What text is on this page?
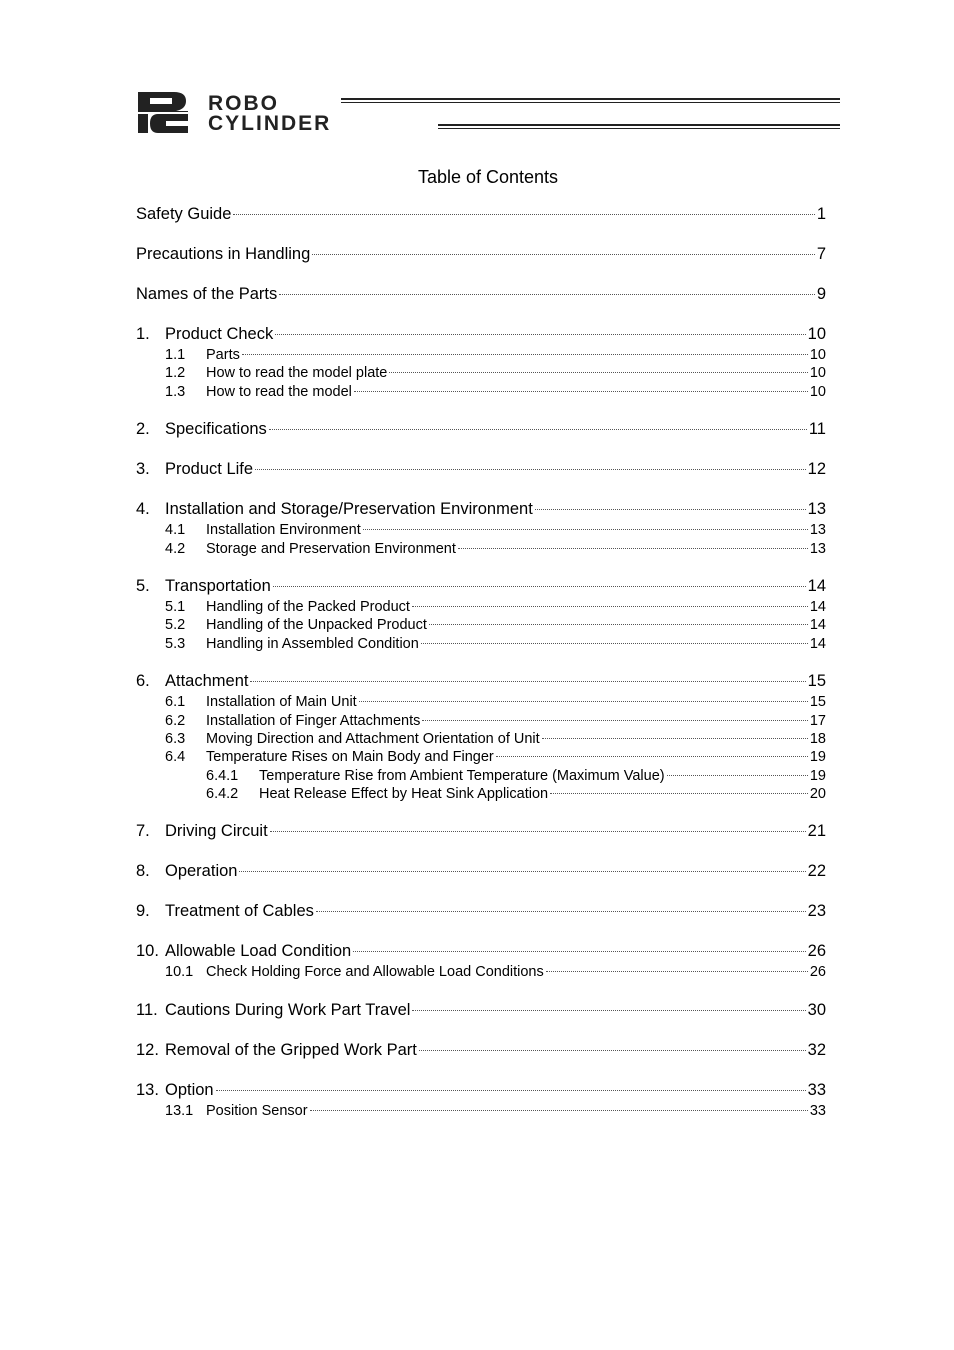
ROBO
CYLINDER
Table of Contents
Safety Guide	1
Precautions in Handling	7
Names of the Parts	9
1. Product Check	10
1.1	Parts	10
1.2	How to read the model plate	10
1.3	How to read the model	10
2. Specifications	11
3. Product Life	12
4. Installation and Storage/Preservation Environment	13
4.1	Installation Environment	13
4.2	Storage and Preservation Environment	13
5. Transportation	14
5.1	Handling of the Packed Product	14
5.2	Handling of the Unpacked Product	14
5.3	Handling in Assembled Condition	14
6. Attachment	15
6.1	Installation of Main Unit	15
6.2	Installation of Finger Attachments	17
6.3	Moving Direction and Attachment Orientation of Unit	18
6.4	Temperature Rises on Main Body and Finger	19
6.4.1	Temperature Rise from Ambient Temperature (Maximum Value)	19
6.4.2	Heat Release Effect by Heat Sink Application	20
7. Driving Circuit	21
8. Operation	22
9. Treatment of Cables	23
10. Allowable Load Condition	26
10.1 Check Holding Force and Allowable Load Conditions	26
11. Cautions During Work Part Travel	30
12. Removal of the Gripped Work Part	32
13. Option	33
13.1 Position Sensor	33
